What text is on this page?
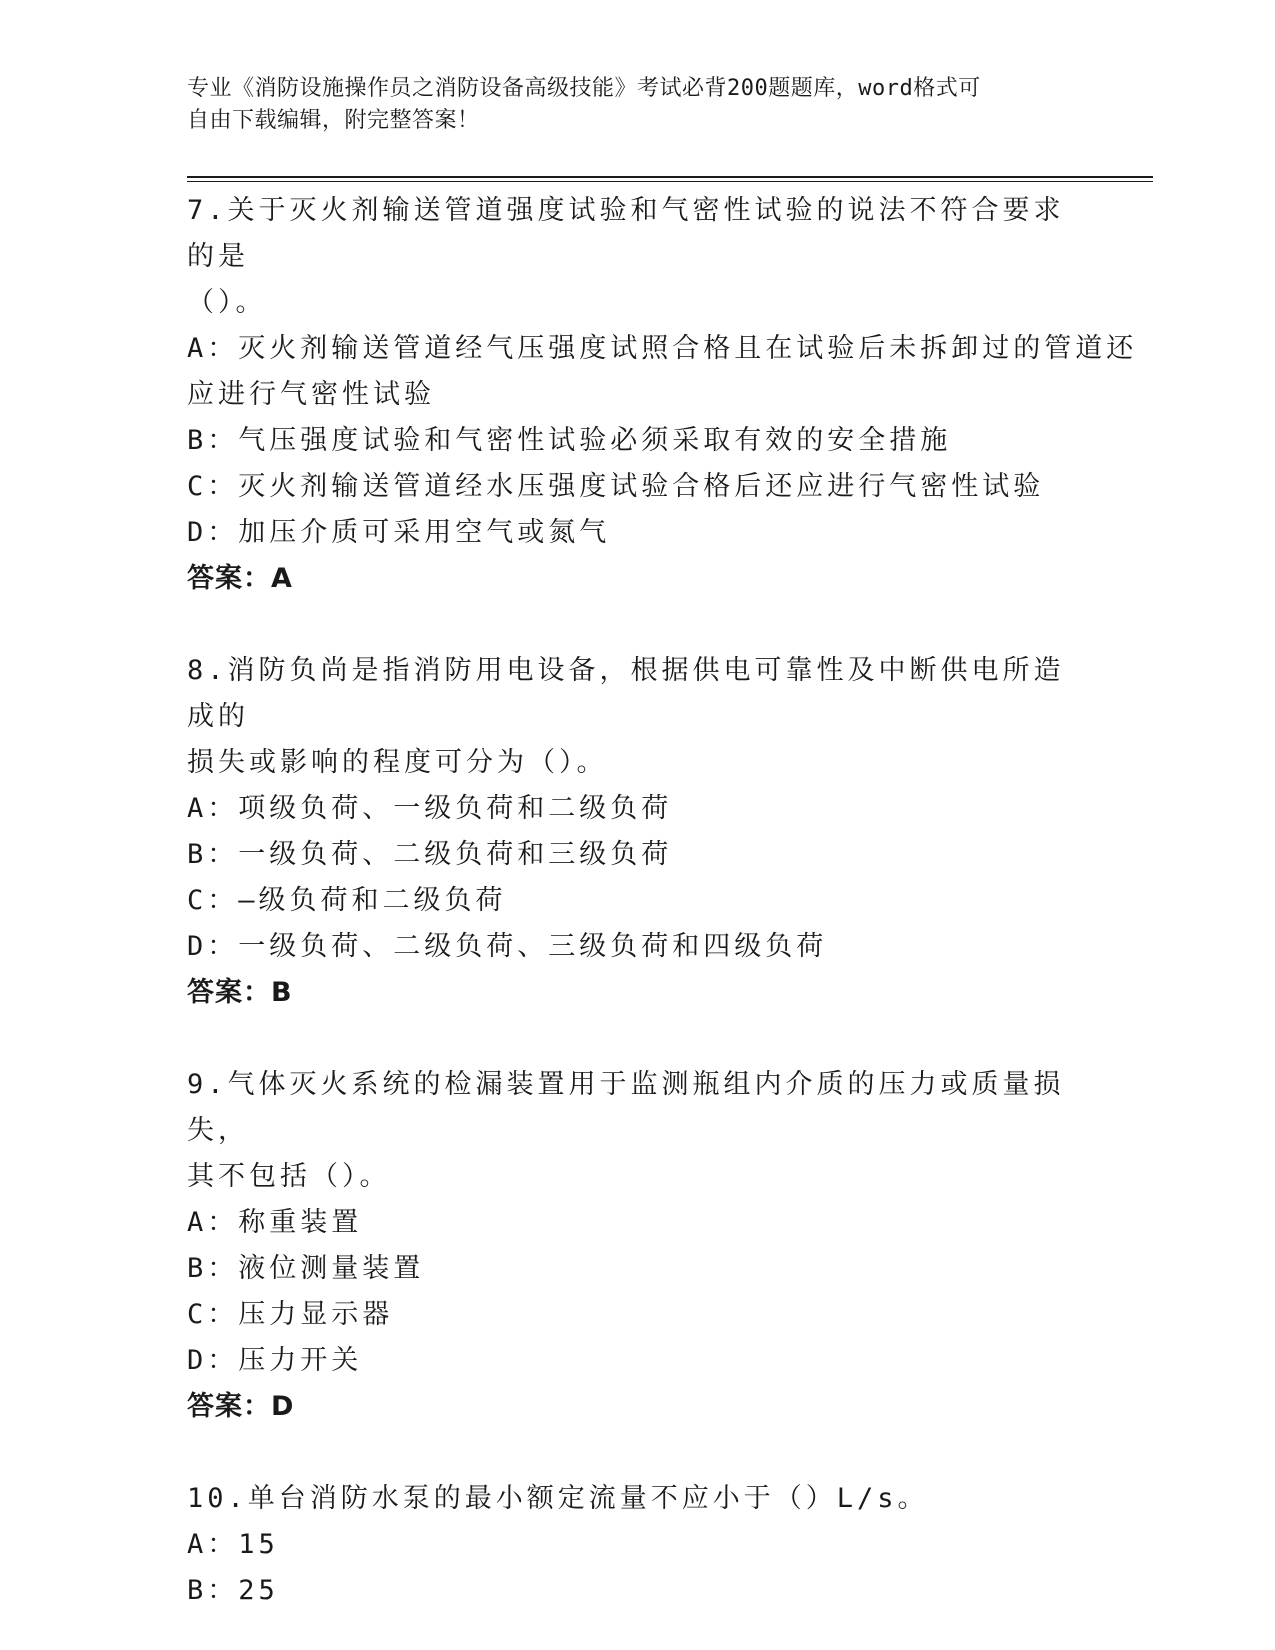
专业《消防设施操作员之消防设备高级技能》考试必背200题题库，word格式可
自由下载编辑，附完整答案！
7.关于灭火剂输送管道强度试验和气密性试验的说法不符合要求的是
（）。
A：灭火剂输送管道经气压强度试照合格且在试验后未拆卸过的管道还
应进行气密性试验
B：气压强度试验和气密性试验必须采取有效的安全措施
C：灭火剂输送管道经水压强度试验合格后还应进行气密性试验
D：加压介质可采用空气或氮气
答案：A
8.消防负尚是指消防用电设备，根据供电可靠性及中断供电所造成的
损失或影响的程度可分为（）。
A：项级负荷、一级负荷和二级负荷
B：一级负荷、二级负荷和三级负荷
C：—级负荷和二级负荷
D：一级负荷、二级负荷、三级负荷和四级负荷
答案：B
9.气体灭火系统的检漏装置用于监测瓶组内介质的压力或质量损失，
其不包括（）。
A：称重装置
B：液位测量装置
C：压力显示器
D：压力开关
答案：D
10.单台消防水泵的最小额定流量不应小于（）L/s。
A：15
B：25
